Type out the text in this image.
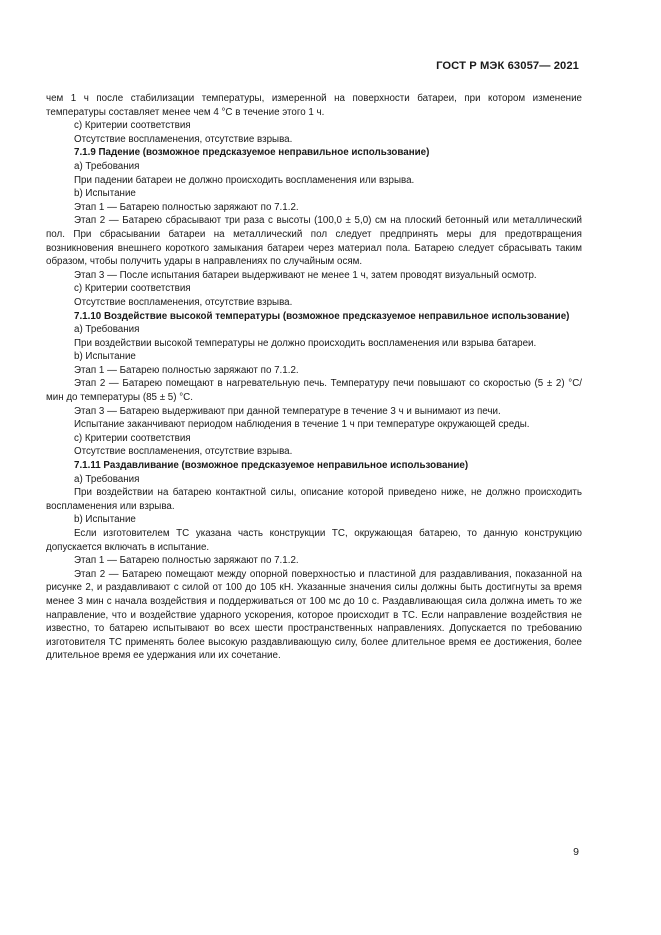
ГОСТ Р МЭК 63057— 2021

чем 1 ч после стабилизации температуры, измеренной на поверхности батареи, при котором изменение температуры составляет менее чем 4 °С в течение этого 1 ч.

с) Критерии соответствия

Отсутствие воспламенения, отсутствие взрыва.

7.1.9 Падение (возможное предсказуемое неправильное использование)

а) Требования

При падении батареи не должно происходить воспламенения или взрыва.

b) Испытание

Этап 1 — Батарею полностью заряжают по 7.1.2.

Этап 2 — Батарею сбрасывают три раза с высоты (100,0 ± 5,0) см на плоский бетонный или металлический пол. При сбрасывании батареи на металлический пол следует предпринять меры для предотвращения возникновения внешнего короткого замыкания батареи через материал пола. Батарею следует сбрасывать таким образом, чтобы получить удары в направлениях по случайным осям.

Этап 3 — После испытания батареи выдерживают не менее 1 ч, затем проводят визуальный осмотр.

с) Критерии соответствия

Отсутствие воспламенения, отсутствие взрыва.

7.1.10 Воздействие высокой температуры (возможное предсказуемое неправильное использование)

а) Требования

При воздействии высокой температуры не должно происходить воспламенения или взрыва батареи.

b) Испытание

Этап 1 — Батарею полностью заряжают по 7.1.2.

Этап 2 — Батарею помещают в нагревательную печь. Температуру печи повышают со скоростью (5 ± 2) °С/мин до температуры (85 ± 5) °С.

Этап 3 — Батарею выдерживают при данной температуре в течение 3 ч и вынимают из печи.

Испытание заканчивают периодом наблюдения в течение 1 ч при температуре окружающей среды.

с) Критерии соответствия

Отсутствие воспламенения, отсутствие взрыва.

7.1.11 Раздавливание (возможное предсказуемое неправильное использование)

а) Требования

При воздействии на батарею контактной силы, описание которой приведено ниже, не должно происходить воспламенения или взрыва.

b) Испытание

Если изготовителем ТС указана часть конструкции ТС, окружающая батарею, то данную конструкцию допускается включать в испытание.

Этап 1 — Батарею полностью заряжают по 7.1.2.

Этап 2 — Батарею помещают между опорной поверхностью и пластиной для раздавливания, показанной на рисунке 2, и раздавливают с силой от 100 до 105 кН. Указанные значения силы должны быть достигнуты за время менее 3 мин с начала воздействия и поддерживаться от 100 мс до 10 с. Раздавливающая сила должна иметь то же направление, что и воздействие ударного ускорения, которое происходит в ТС. Если направление воздействия не известно, то батарею испытывают во всех шести пространственных направлениях. Допускается по требованию изготовителя ТС применять более высокую раздавливающую силу, более длительное время ее достижения, более длительное время ее удержания или их сочетание.

9
